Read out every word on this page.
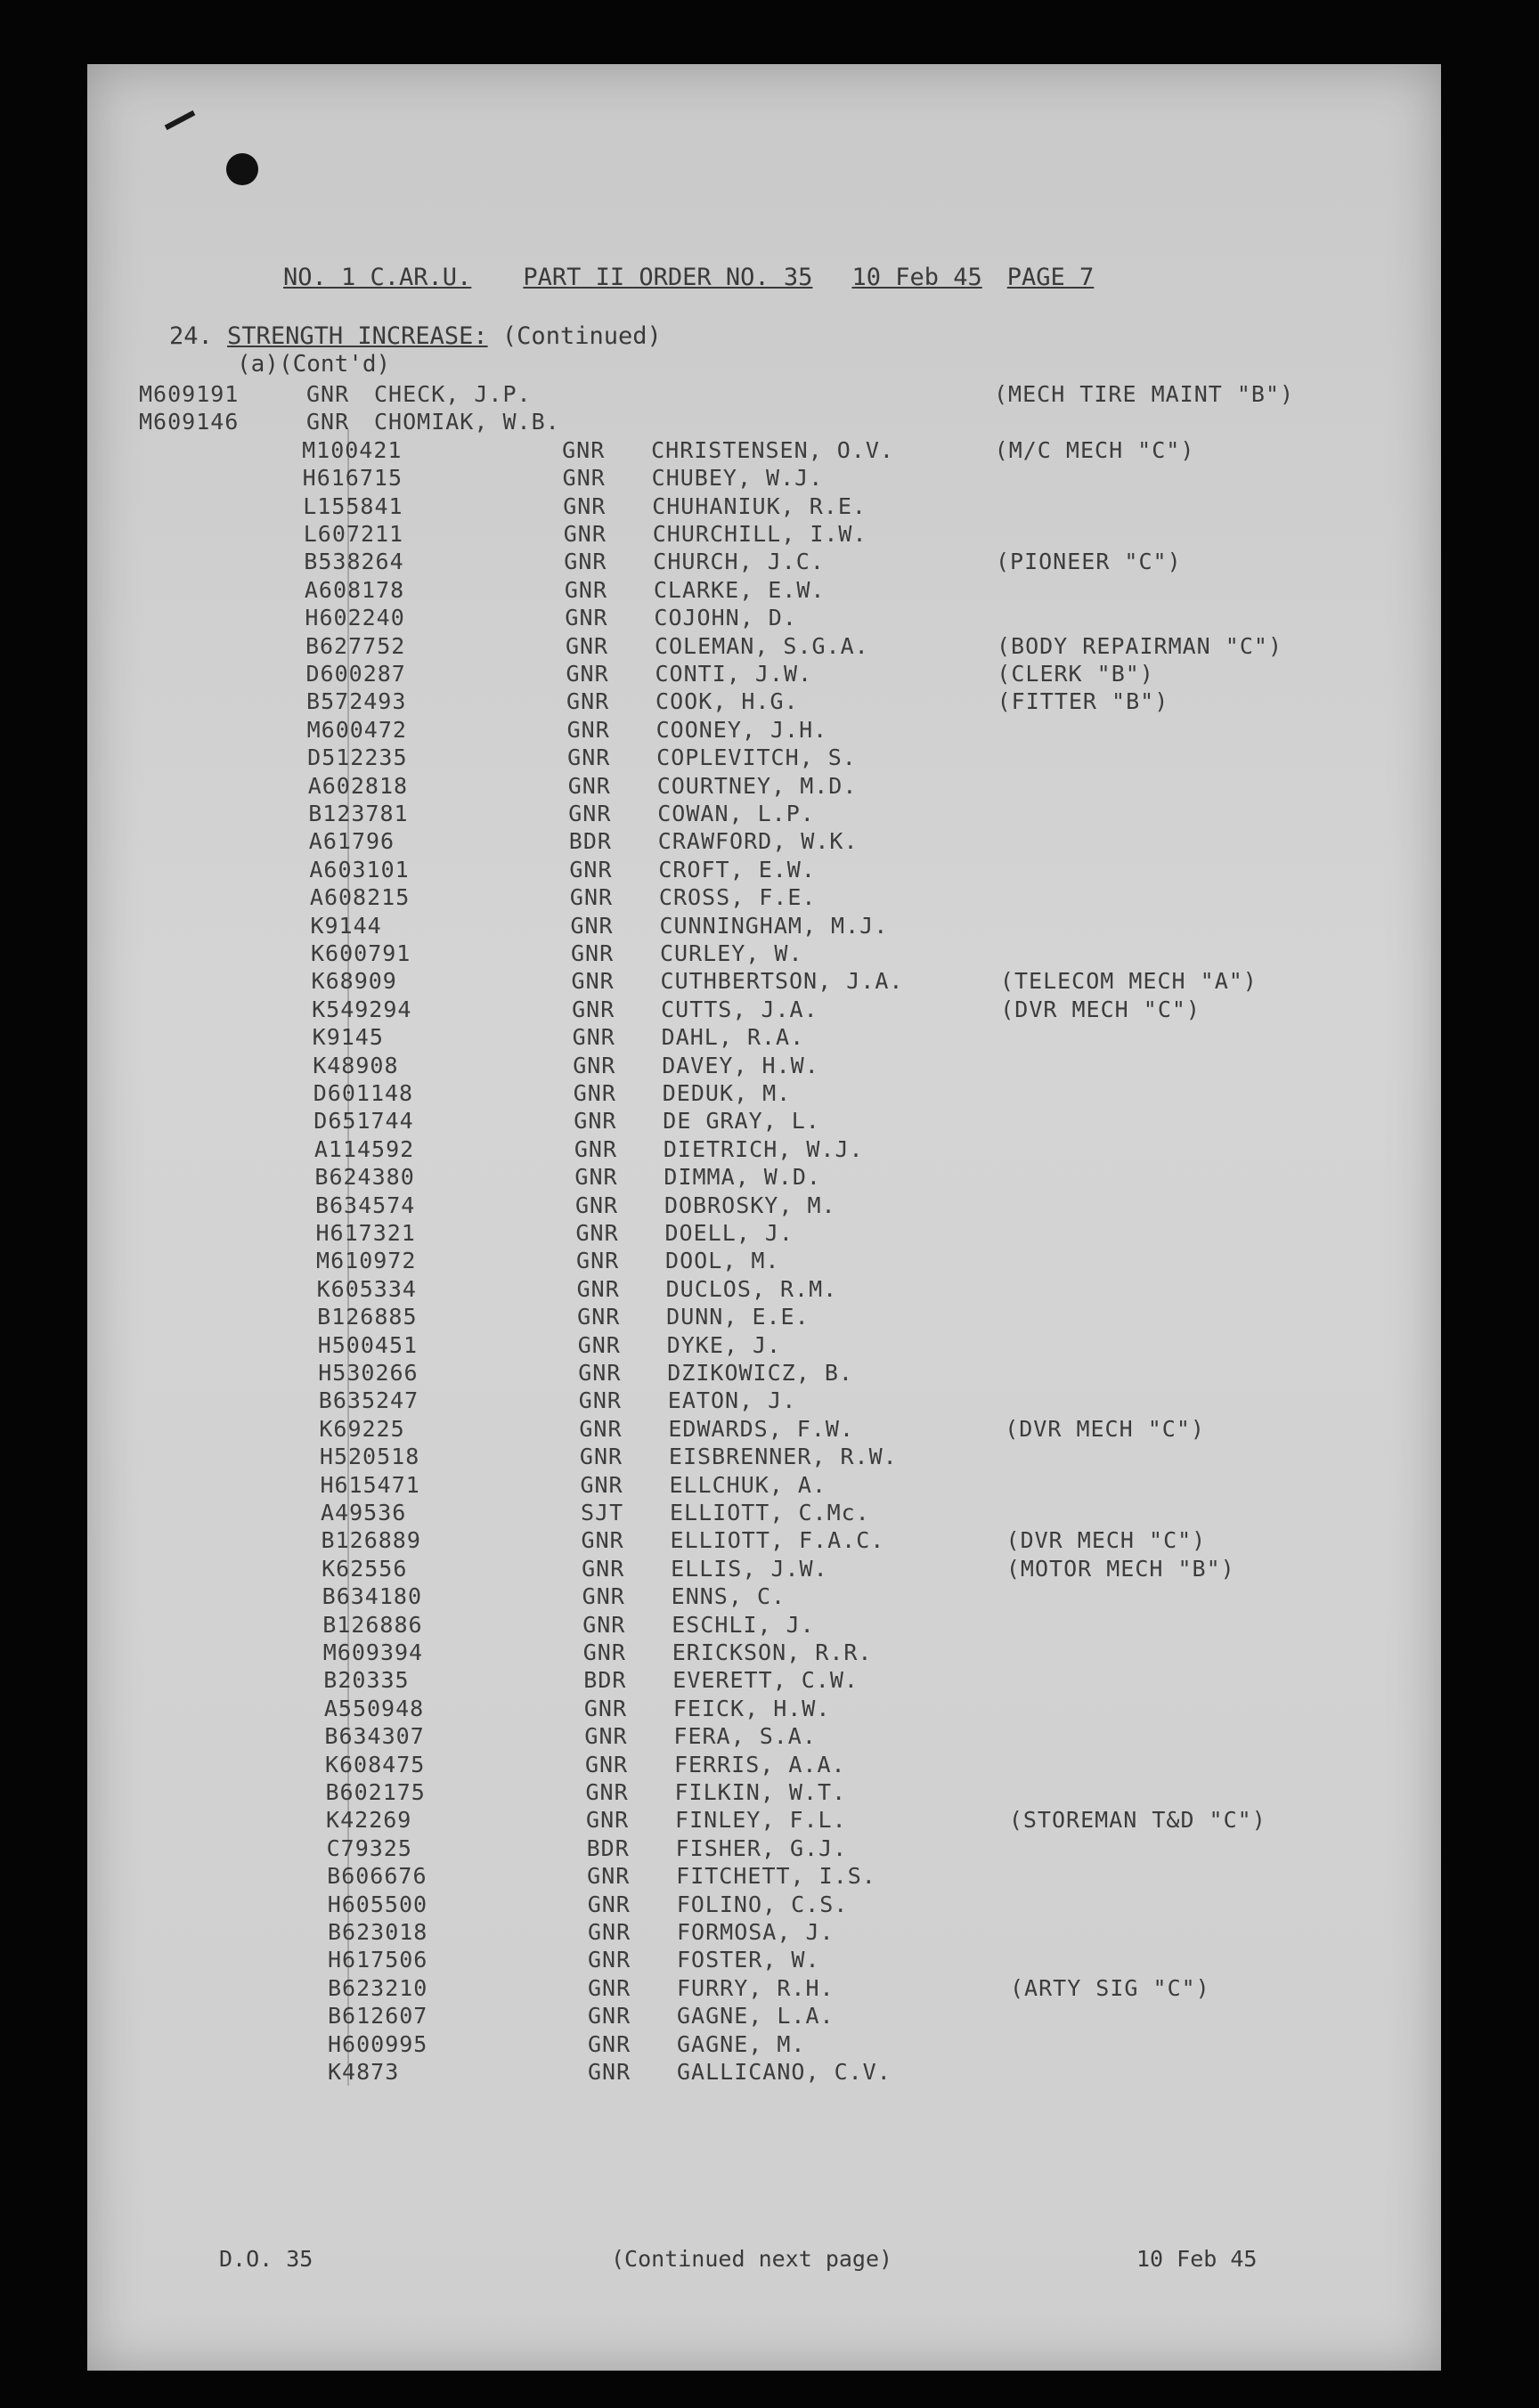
NO. 1 C.AR.U. PART II ORDER NO. 35 10 Feb 45 PAGE 7
24. STRENGTH INCREASE: (Continued)
(a)(Cont'd)
M609191	GNR CHECK, J.P.	(MECH TIRE MAINT "B")
M609146	GNR CHOMIAK, W.B.
M100421	GNR CHRISTENSEN, O.V.	(M/C MECH "C")
H616715	GNR CHUBEY, W.J.
L155841	GNR CHUHANIUK, R.E.
L607211	GNR CHURCHILL, I.W.
B538264	GNR CHURCH, J.C.	(PIONEER "C")
A608178	GNR CLARKE, E.W.
H602240	GNR COJOHN, D.
B627752	GNR COLEMAN, S.G.A.	(BODY REPAIRMAN "C")
D600287	GNR CONTI, J.W.	(CLERK "B")
B572493	GNR COOK, H.G.	(FITTER "B")
M600472	GNR COONEY, J.H.
D512235	GNR COPLEVITCH, S.
A602818	GNR COURTNEY, M.D.
B123781	GNR COWAN, L.P.
A61796	BDR CRAWFORD, W.K.
A603101	GNR CROFT, E.W.
A608215	GNR CROSS, F.E.
K9144	GNR CUNNINGHAM, M.J.
K600791	GNR CURLEY, W.
K68909	GNR CUTHBERTSON, J.A.	(TELECOM MECH "A")
K549294	GNR CUTTS, J.A.	(DVR MECH "C")
K9145	GNR DAHL, R.A.
K48908	GNR DAVEY, H.W.
D601148	GNR DEDUK, M.
D651744	GNR DE GRAY, L.
A114592	GNR DIETRICH, W.J.
B624380	GNR DIMMA, W.D.
B634574	GNR DOBROSKY, M.
H617321	GNR DOELL, J.
M610972	GNR DOOL, M.
K605334	GNR DUCLOS, R.M.
B126885	GNR DUNN, E.E.
H500451	GNR DYKE, J.
H530266	GNR DZIKOWICZ, B.
B635247	GNR EATON, J.
K69225	GNR EDWARDS, F.W.	(DVR MECH "C")
H520518	GNR EISBRENNER, R.W.
H615471	GNR ELLCHUK, A.
A49536	SJT ELLIOTT, C.Mc.
B126889	GNR ELLIOTT, F.A.C.	(DVR MECH "C")
K62556	GNR ELLIS, J.W.	(MOTOR MECH "B")
B634180	GNR ENNS, C.
B126886	GNR ESCHLI, J.
M609394	GNR ERICKSON, R.R.
B20335	BDR EVERETT, C.W.
A550948	GNR FEICK, H.W.
B634307	GNR FERA, S.A.
K608475	GNR FERRIS, A.A.
B602175	GNR FILKIN, W.T.
K42269	GNR FINLEY, F.L.	(STOREMAN T&D "C")
C79325	BDR FISHER, G.J.
B606676	GNR FITCHETT, I.S.
H605500	GNR FOLINO, C.S.
B623018	GNR FORMOSA, J.
H617506	GNR FOSTER, W.
B623210	GNR FURRY, R.H.	(ARTY SIG "C")
B612607	GNR GAGNE, L.A.
H600995	GNR GAGNE, M.
K4873	GNR GALLICANO, C.V.
D.O. 35	(Continued next page)	10 Feb 45
